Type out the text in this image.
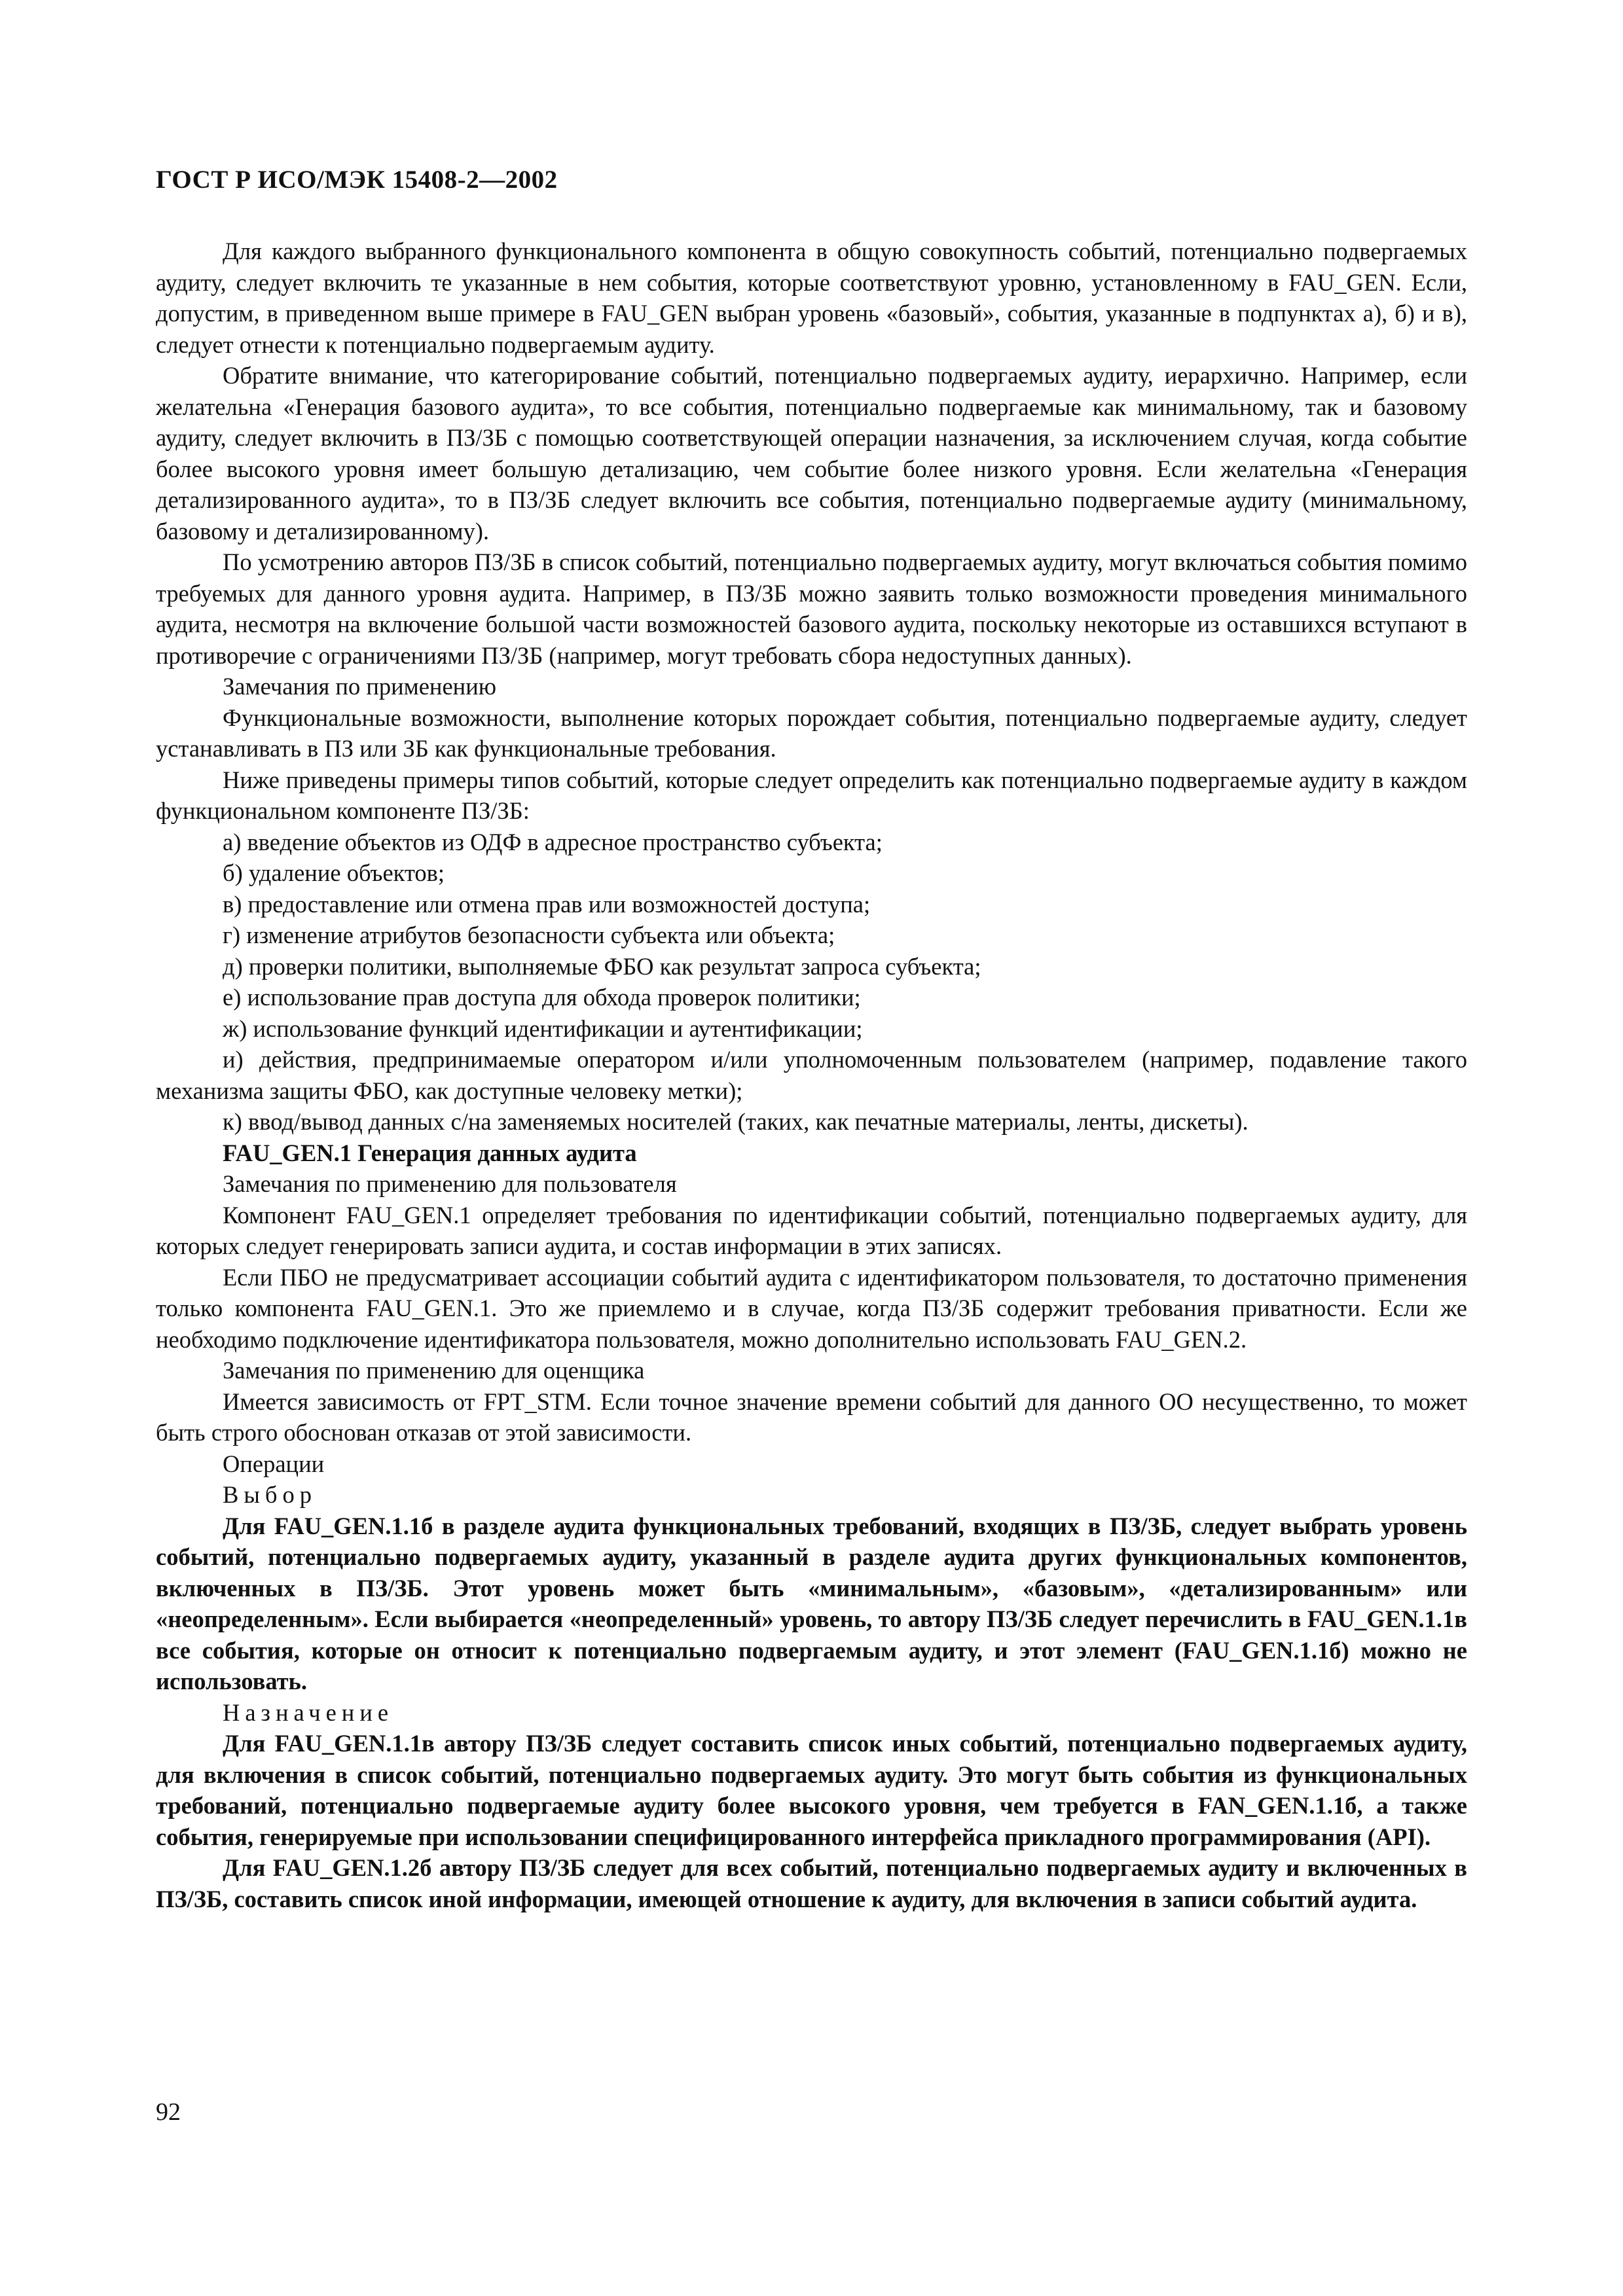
ГОСТ Р ИСО/МЭК 15408-2—2002

Для каждого выбранного функционального компонента в общую совокупность событий, потенциально подвергаемых аудиту, следует включить те указанные в нем события, которые соответствуют уровню, установленному в FAU_GEN. Если, допустим, в приведенном выше примере в FAU_GEN выбран уровень «базовый», события, указанные в подпунктах а), б) и в), следует отнести к потенциально подвергаемым аудиту.

Обратите внимание, что категорирование событий, потенциально подвергаемых аудиту, иерархично. Например, если желательна «Генерация базового аудита», то все события, потенциально подвергаемые как минимальному, так и базовому аудиту, следует включить в ПЗ/ЗБ с помощью соответствующей операции назначения, за исключением случая, когда событие более высокого уровня имеет большую детализацию, чем событие более низкого уровня. Если желательна «Генерация детализированного аудита», то в ПЗ/ЗБ следует включить все события, потенциально подвергаемые аудиту (минимальному, базовому и детализированному).

По усмотрению авторов ПЗ/ЗБ в список событий, потенциально подвергаемых аудиту, могут включаться события помимо требуемых для данного уровня аудита. Например, в ПЗ/ЗБ можно заявить только возможности проведения минимального аудита, несмотря на включение большой части возможностей базового аудита, поскольку некоторые из оставшихся вступают в противоречие с ограничениями ПЗ/ЗБ (например, могут требовать сбора недоступных данных).

Замечания по применению

Функциональные возможности, выполнение которых порождает события, потенциально подвергаемые аудиту, следует устанавливать в ПЗ или ЗБ как функциональные требования.

Ниже приведены примеры типов событий, которые следует определить как потенциально подвергаемые аудиту в каждом функциональном компоненте ПЗ/ЗБ:

а) введение объектов из ОДФ в адресное пространство субъекта;

б) удаление объектов;

в) предоставление или отмена прав или возможностей доступа;

г) изменение атрибутов безопасности субъекта или объекта;

д) проверки политики, выполняемые ФБО как результат запроса субъекта;

е) использование прав доступа для обхода проверок политики;

ж) использование функций идентификации и аутентификации;

и) действия, предпринимаемые оператором и/или уполномоченным пользователем (например, подавление такого механизма защиты ФБО, как доступные человеку метки);

к) ввод/вывод данных с/на заменяемых носителей (таких, как печатные материалы, ленты, дискеты).

FAU_GEN.1 Генерация данных аудита

Замечания по применению для пользователя

Компонент FAU_GEN.1 определяет требования по идентификации событий, потенциально подвергаемых аудиту, для которых следует генерировать записи аудита, и состав информации в этих записях.

Если ПБО не предусматривает ассоциации событий аудита с идентификатором пользователя, то достаточно применения только компонента FAU_GEN.1. Это же приемлемо и в случае, когда ПЗ/ЗБ содержит требования приватности. Если же необходимо подключение идентификатора пользователя, можно дополнительно использовать FAU_GEN.2.

Замечания по применению для оценщика

Имеется зависимость от FPT_STM. Если точное значение времени событий для данного ОО несущественно, то может быть строго обоснован отказав от этой зависимости.

Операции

Выбор

Для FAU_GEN.1.1б в разделе аудита функциональных требований, входящих в ПЗ/ЗБ, следует выбрать уровень событий, потенциально подвергаемых аудиту, указанный в разделе аудита других функциональных компонентов, включенных в ПЗ/ЗБ. Этот уровень может быть «минимальным», «базовым», «детализированным» или «неопределенным». Если выбирается «неопределенный» уровень, то автору ПЗ/ЗБ следует перечислить в FAU_GEN.1.1в все события, которые он относит к потенциально подвергаемым аудиту, и этот элемент (FAU_GEN.1.1б) можно не использовать.

Назначение

Для FAU_GEN.1.1в автору ПЗ/ЗБ следует составить список иных событий, потенциально подвергаемых аудиту, для включения в список событий, потенциально подвергаемых аудиту. Это могут быть события из функциональных требований, потенциально подвергаемые аудиту более высокого уровня, чем требуется в FAN_GEN.1.1б, а также события, генерируемые при использовании специфицированного интерфейса прикладного программирования (API).

Для FAU_GEN.1.2б автору ПЗ/ЗБ следует для всех событий, потенциально подвергаемых аудиту и включенных в ПЗ/ЗБ, составить список иной информации, имеющей отношение к аудиту, для включения в записи событий аудита.

92
